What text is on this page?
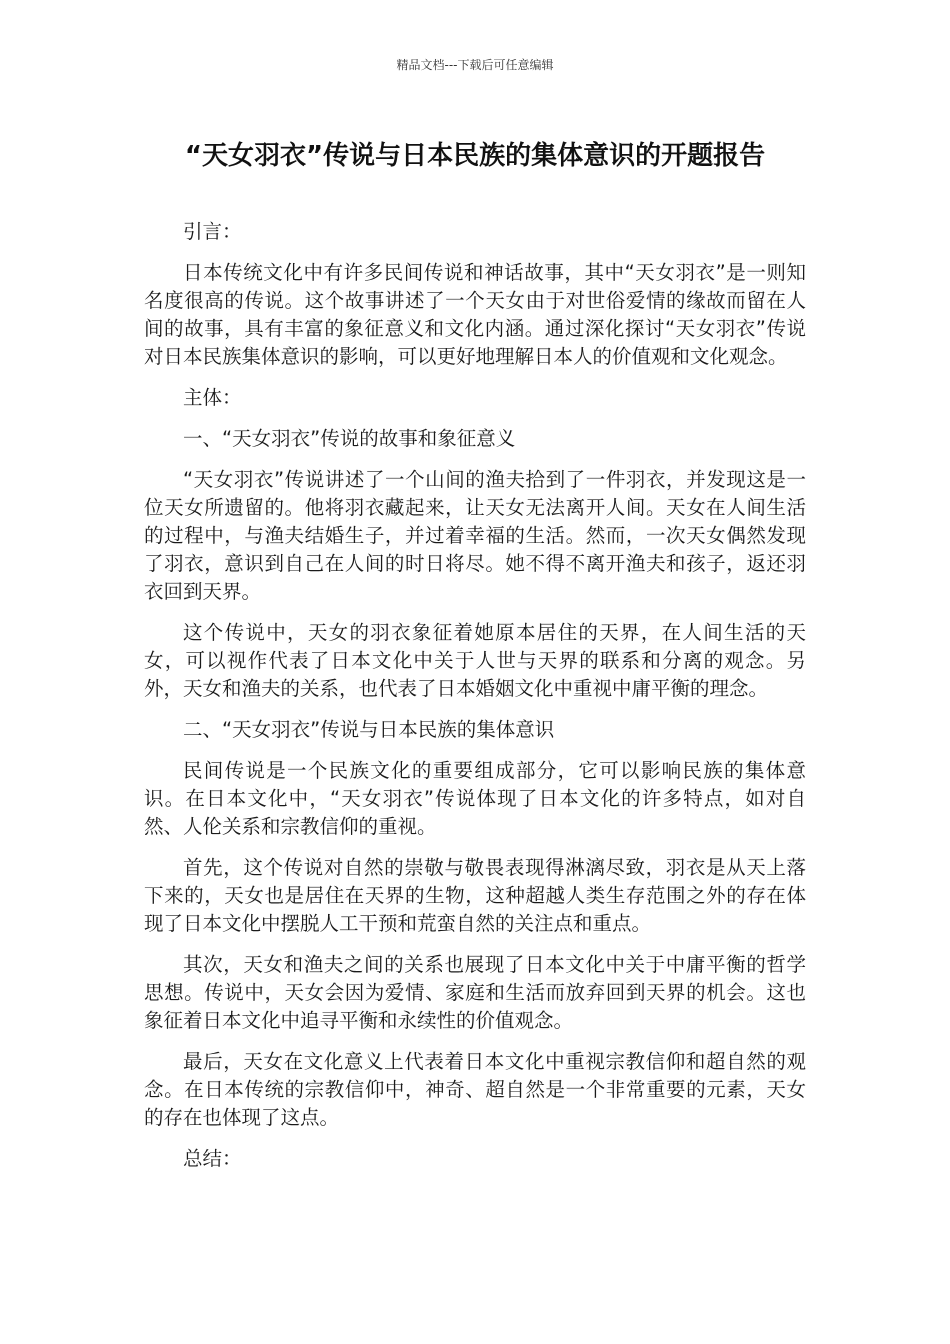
精品文档---下载后可任意编辑
“天女羽衣”传说与日本民族的集体意识的开题报告

引言：

日本传统文化中有许多民间传说和神话故事，其中“天女羽衣”是一则知名度很高的传说。这个故事讲述了一个天女由于对世俗爱情的缘故而留在人间的故事，具有丰富的象征意义和文化内涵。通过深化探讨“天女羽衣”传说对日本民族集体意识的影响，可以更好地理解日本人的价值观和文化观念。

主体：

一、“天女羽衣”传说的故事和象征意义

“天女羽衣”传说讲述了一个山间的渔夫拾到了一件羽衣，并发现这是一位天女所遗留的。他将羽衣藏起来，让天女无法离开人间。天女在人间生活的过程中，与渔夫结婚生子，并过着幸福的生活。然而，一次天女偶然发现了羽衣，意识到自己在人间的时日将尽。她不得不离开渔夫和孩子，返还羽衣回到天界。

这个传说中，天女的羽衣象征着她原本居住的天界，在人间生活的天女，可以视作代表了日本文化中关于人世与天界的联系和分离的观念。另外，天女和渔夫的关系，也代表了日本婚姻文化中重视中庸平衡的理念。

二、“天女羽衣”传说与日本民族的集体意识

民间传说是一个民族文化的重要组成部分，它可以影响民族的集体意识。在日本文化中，“天女羽衣”传说体现了日本文化的许多特点，如对自然、人伦关系和宗教信仰的重视。

首先，这个传说对自然的崇敬与敬畏表现得淋漓尽致，羽衣是从天上落下来的，天女也是居住在天界的生物，这种超越人类生存范围之外的存在体现了日本文化中摆脱人工干预和荒蛮自然的关注点和重点。

其次，天女和渔夫之间的关系也展现了日本文化中关于中庸平衡的哲学思想。传说中，天女会因为爱情、家庭和生活而放弃回到天界的机会。这也象征着日本文化中追寻平衡和永续性的价值观念。

最后，天女在文化意义上代表着日本文化中重视宗教信仰和超自然的观念。在日本传统的宗教信仰中，神奇、超自然是一个非常重要的元素，天女的存在也体现了这点。

总结：
